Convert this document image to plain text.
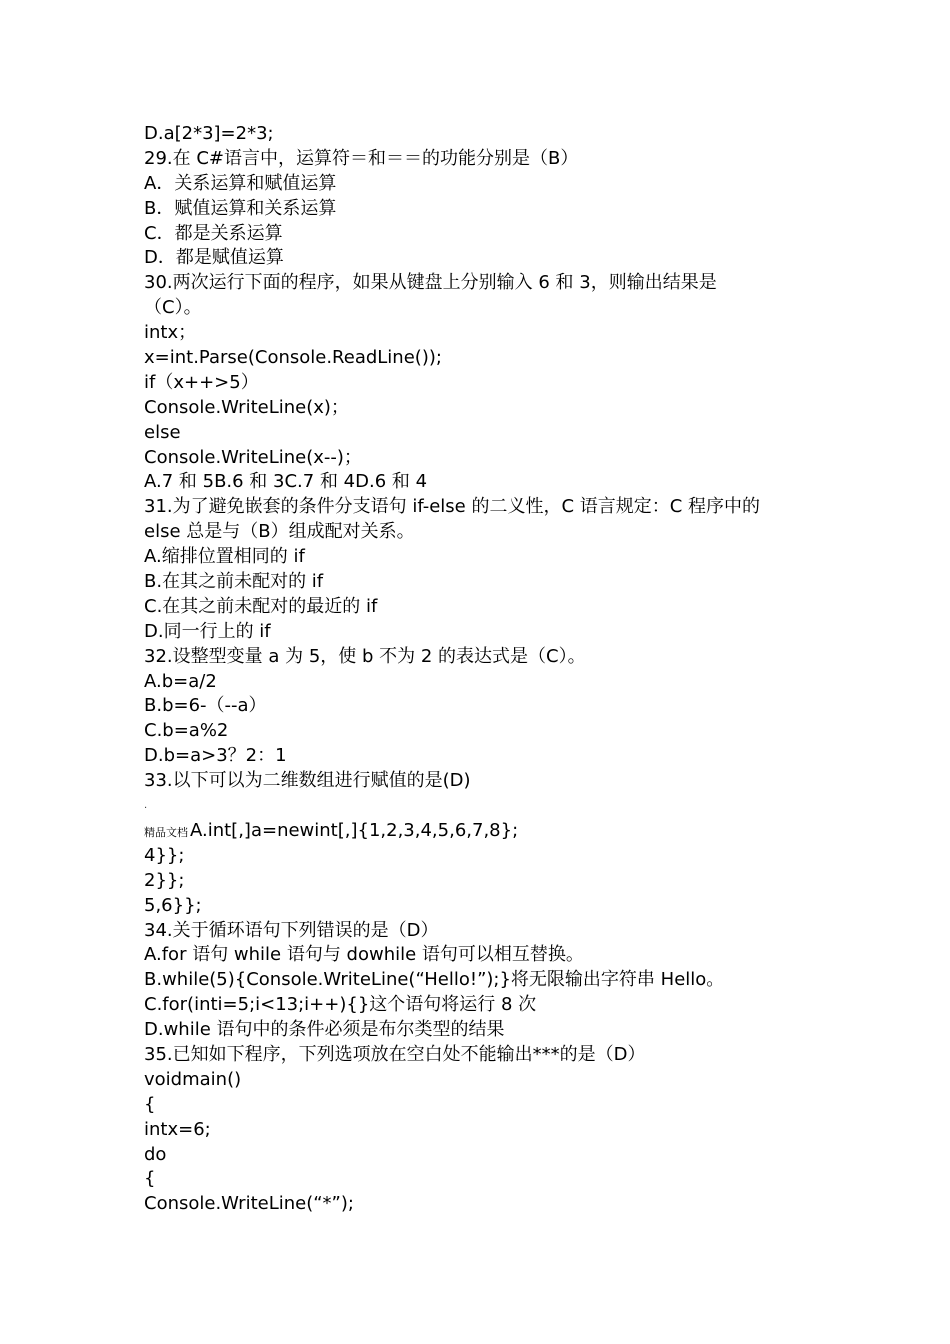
D.a[2*3]=2*3;
29.在 C#语言中，运算符＝和＝＝的功能分别是（B）
A．关系运算和赋值运算
B．赋值运算和关系运算
C．都是关系运算
D．都是赋值运算
30.两次运行下面的程序，如果从键盘上分别输入 6 和 3，则输出结果是
（C）。
intx；
x=int.Parse(Console.ReadLine());
if（x++>5）
Console.WriteLine(x)；
else
Console.WriteLine(x--)；
A.7 和 5B.6 和 3C.7 和 4D.6 和 4
31.为了避免嵌套的条件分支语句 if-else 的二义性，C 语言规定：C 程序中的
else 总是与（B）组成配对关系。
A.缩排位置相同的 if
B.在其之前未配对的 if
C.在其之前未配对的最近的 if
D.同一行上的 if
32.设整型变量 a 为 5，使 b 不为 2 的表达式是（C）。
A.b=a/2
B.b=6-（--a）
C.b=a%2
D.b=a>3？2：1
33.以下可以为二维数组进行赋值的是(D)
.
精品文档 A.int[,]a=newint[,]{1,2,3,4,5,6,7,8};
4}};
2}};
5,6}};
34.关于循环语句下列错误的是（D）
A.for 语句 while 语句与 dowhile 语句可以相互替换。
B.while(5){Console.WriteLine(“Hello!”);}将无限输出字符串 Hello。
C.for(inti=5;i<13;i++){}这个语句将运行 8 次
D.while 语句中的条件必须是布尔类型的结果
35.已知如下程序，下列选项放在空白处不能输出***的是（D）
voidmain()
{
intx=6;
do
{
Console.WriteLine(“*”);
